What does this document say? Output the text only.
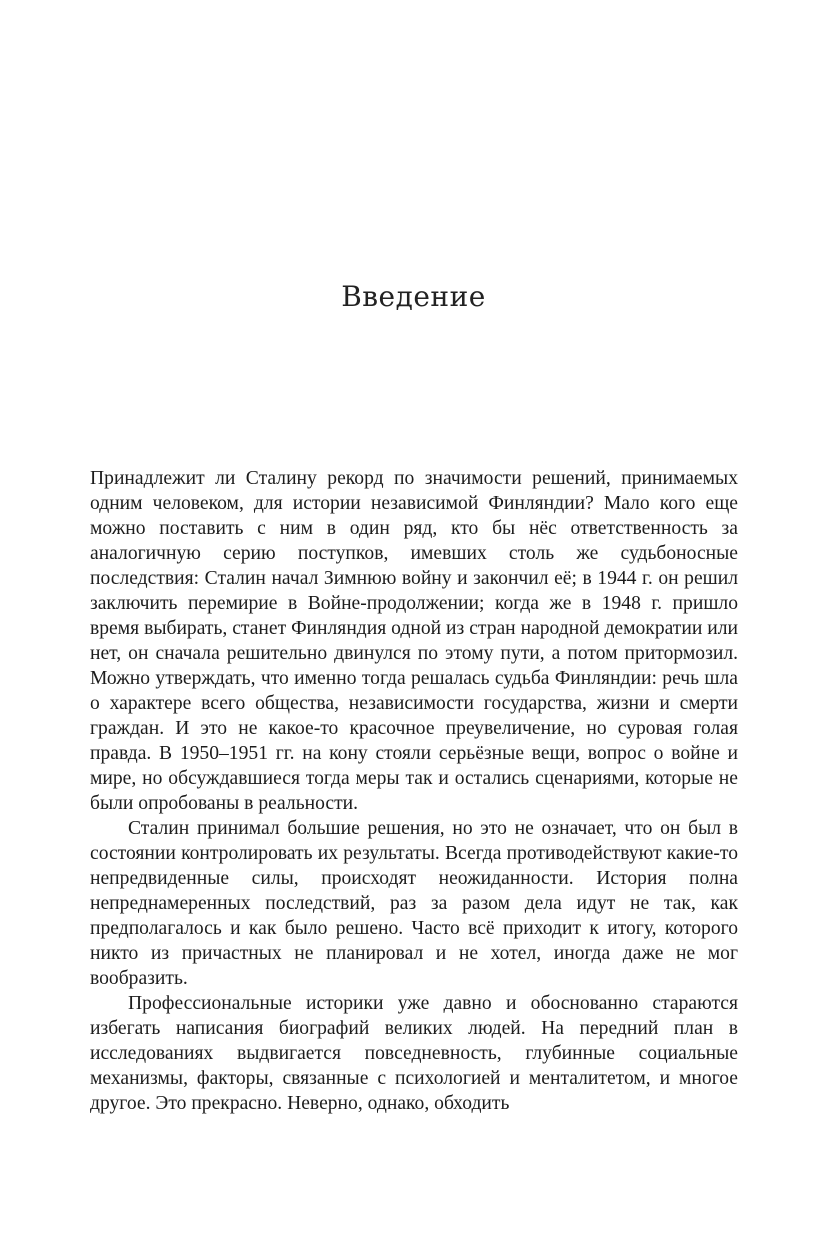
Введение

Принадлежит ли Сталину рекорд по значимости решений, принимаемых одним человеком, для истории независимой Финляндии? Мало кого еще можно поставить с ним в один ряд, кто бы нёс ответственность за аналогичную серию поступков, имевших столь же судьбоносные последствия: Сталин начал Зимнюю войну и закончил её; в 1944 г. он решил заключить перемирие в Войне-продолжении; когда же в 1948 г. пришло время выбирать, станет Финляндия одной из стран народной демократии или нет, он сначала решительно двинулся по этому пути, а потом притормозил. Можно утверждать, что именно тогда решалась судьба Финляндии: речь шла о характере всего общества, независимости государства, жизни и смерти граждан. И это не какое-то красочное преувеличение, но суровая голая правда. В 1950–1951 гг. на кону стояли серьёзные вещи, вопрос о войне и мире, но обсуждавшиеся тогда меры так и остались сценариями, которые не были опробованы в реальности.

Сталин принимал большие решения, но это не означает, что он был в состоянии контролировать их результаты. Всегда противодействуют какие-то непредвиденные силы, происходят неожиданности. История полна непреднамеренных последствий, раз за разом дела идут не так, как предполагалось и как было решено. Часто всё приходит к итогу, которого никто из причастных не планировал и не хотел, иногда даже не мог вообразить.

Профессиональные историки уже давно и обоснованно стараются избегать написания биографий великих людей. На передний план в исследованиях выдвигается повседневность, глубинные социальные механизмы, факторы, связанные с психологией и менталитетом, и многое другое. Это прекрасно. Неверно, однако, обходить
